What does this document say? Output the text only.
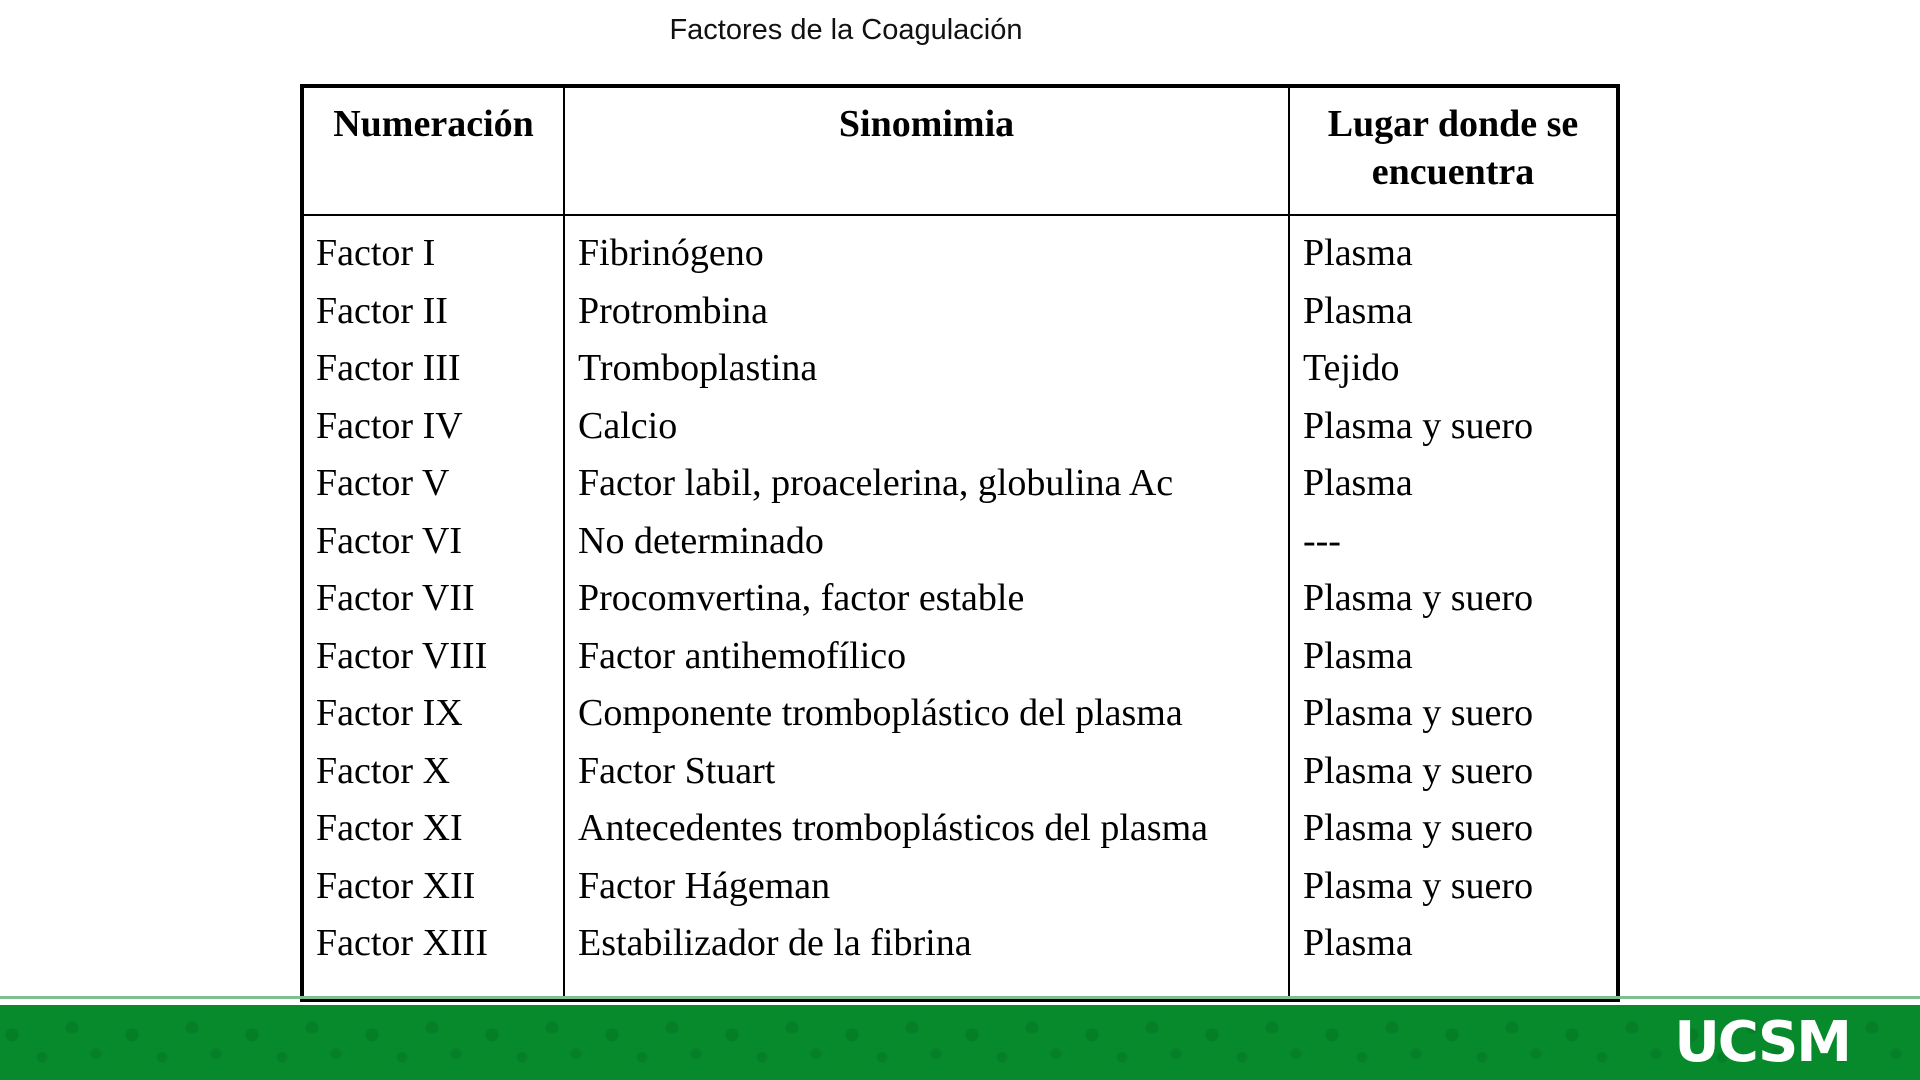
Factores de la Coagulación
Numeración	Sinomimia	Lugar donde se
encuentra
Factor I
Factor II
Factor III
Factor IV
Factor V
Factor VI
Factor VII
Factor VIII
Factor IX
Factor X
Factor XI
Factor XII
Factor XIII
Fibrinógeno
Protrombina
Tromboplastina
Calcio
Factor labil, proacelerina, globulina Ac
No determinado
Procomvertina, factor estable
Factor antihemofílico
Componente tromboplástico del plasma
Factor Stuart
Antecedentes tromboplásticos del plasma
Factor Hágeman
Estabilizador de la fibrina
Plasma
Plasma
Tejido
Plasma y suero
Plasma
---
Plasma y suero
Plasma
Plasma y suero
Plasma y suero
Plasma y suero
Plasma y suero
Plasma
UCSM
